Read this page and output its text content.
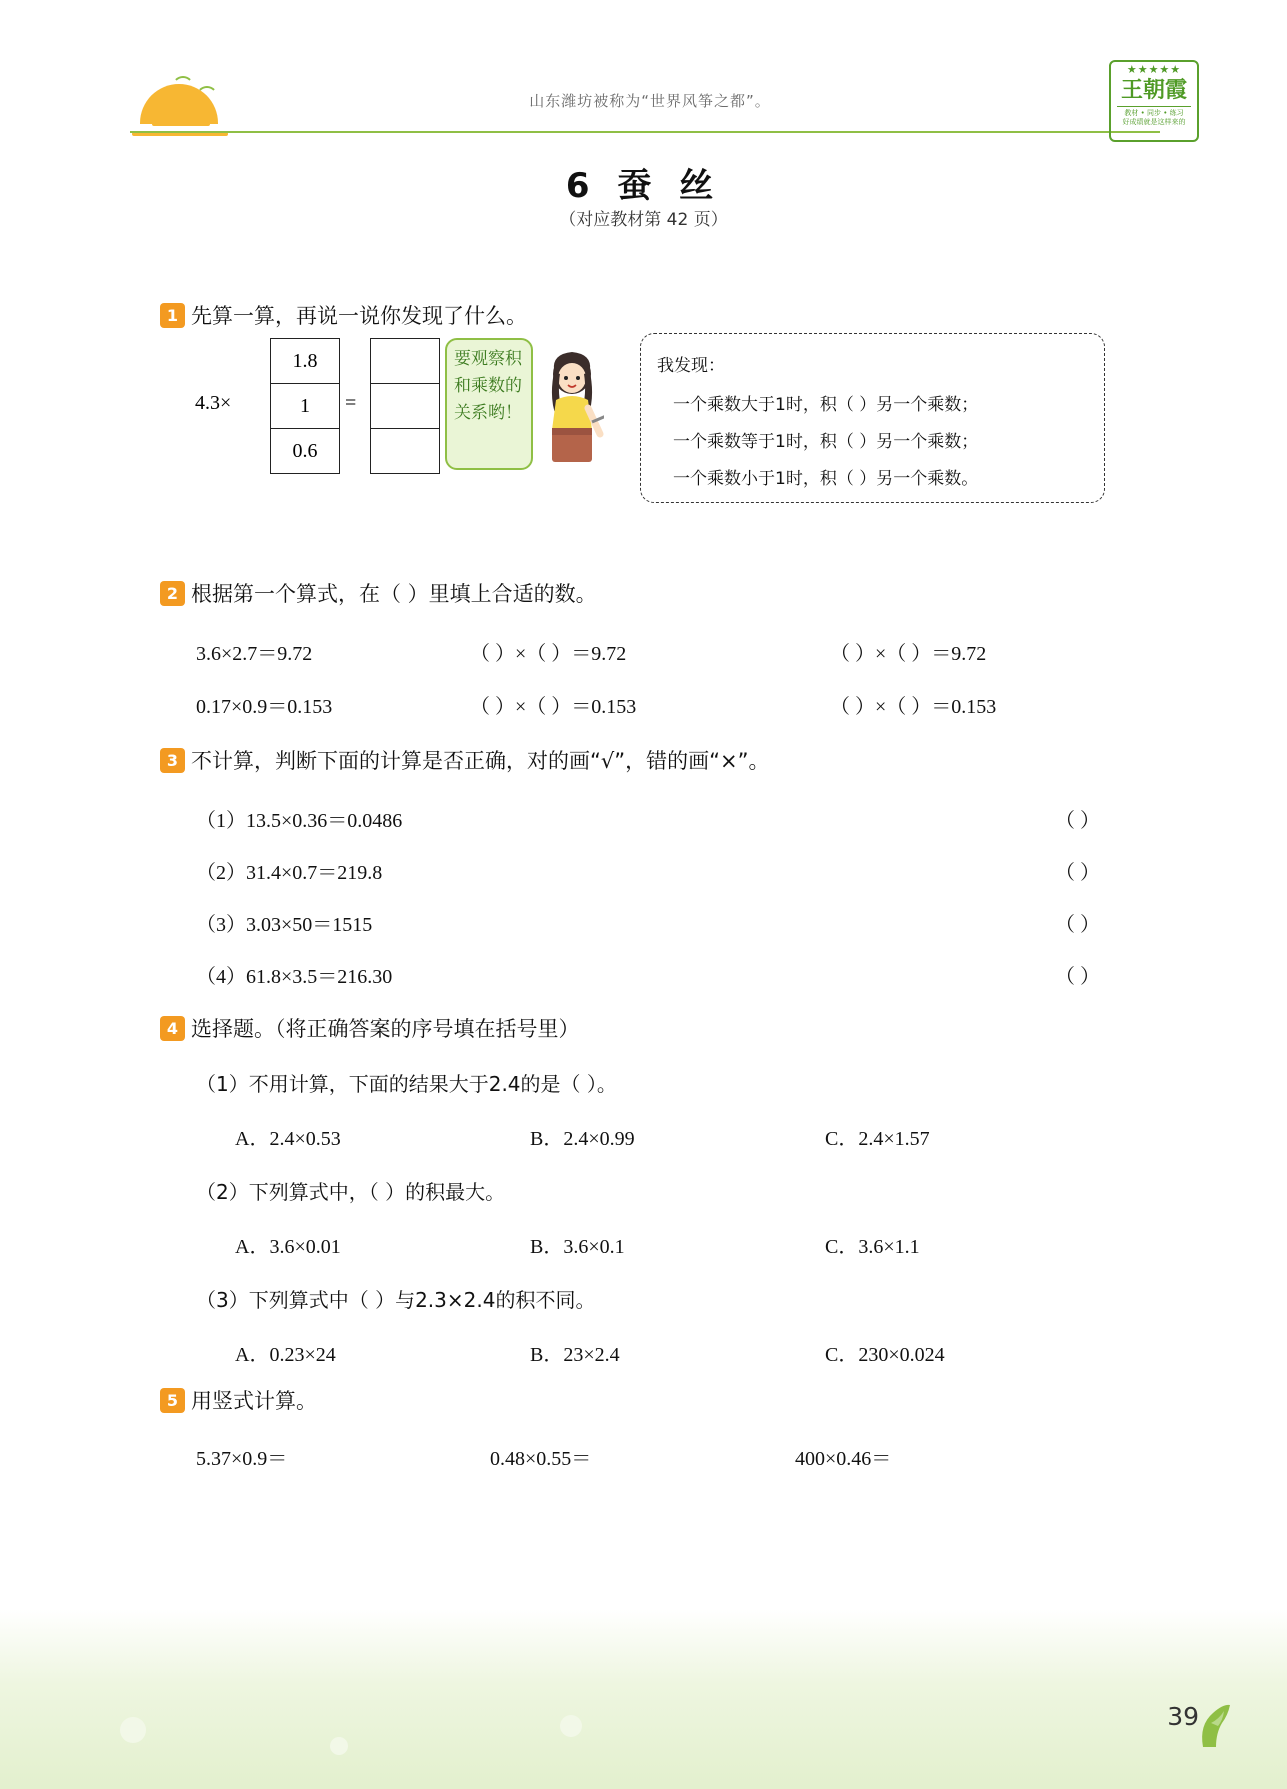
山东潍坊被称为“世界风筝之都”。
★★★★★
王朝霞
教材 • 同步 • 练习
好成绩就是这样来的
6 蚕 丝
（对应教材第 42 页）
1 先算一算，再说一说你发现了什么。
4.3×
1.8
1
0.6
=
要观察积和乘数的关系哟！
我发现：
一个乘数大于1时，积（ ）另一个乘数；
一个乘数等于1时，积（ ）另一个乘数；
一个乘数小于1时，积（ ）另一个乘数。
2 根据第一个算式，在（ ）里填上合适的数。
3.6×2.7＝9.72	（ ）×（ ）＝9.72	（ ）×（ ）＝9.72
0.17×0.9＝0.153	（ ）×（ ）＝0.153	（ ）×（ ）＝0.153
3 不计算，判断下面的计算是否正确，对的画“√”，错的画“×”。
（1）13.5×0.36＝0.0486	（ ）
（2）31.4×0.7＝219.8	（ ）
（3）3.03×50＝1515	（ ）
（4）61.8×3.5＝216.30	（ ）
4 选择题。（将正确答案的序号填在括号里）
（1）不用计算，下面的结果大于2.4的是（ ）。
A．2.4×0.53	B．2.4×0.99	C．2.4×1.57
（2）下列算式中，（ ）的积最大。
A．3.6×0.01	B．3.6×0.1	C．3.6×1.1
（3）下列算式中（ ）与2.3×2.4的积不同。
A．0.23×24	B．23×2.4	C．230×0.024
5 用竖式计算。
5.37×0.9＝	0.48×0.55＝	400×0.46＝
39
